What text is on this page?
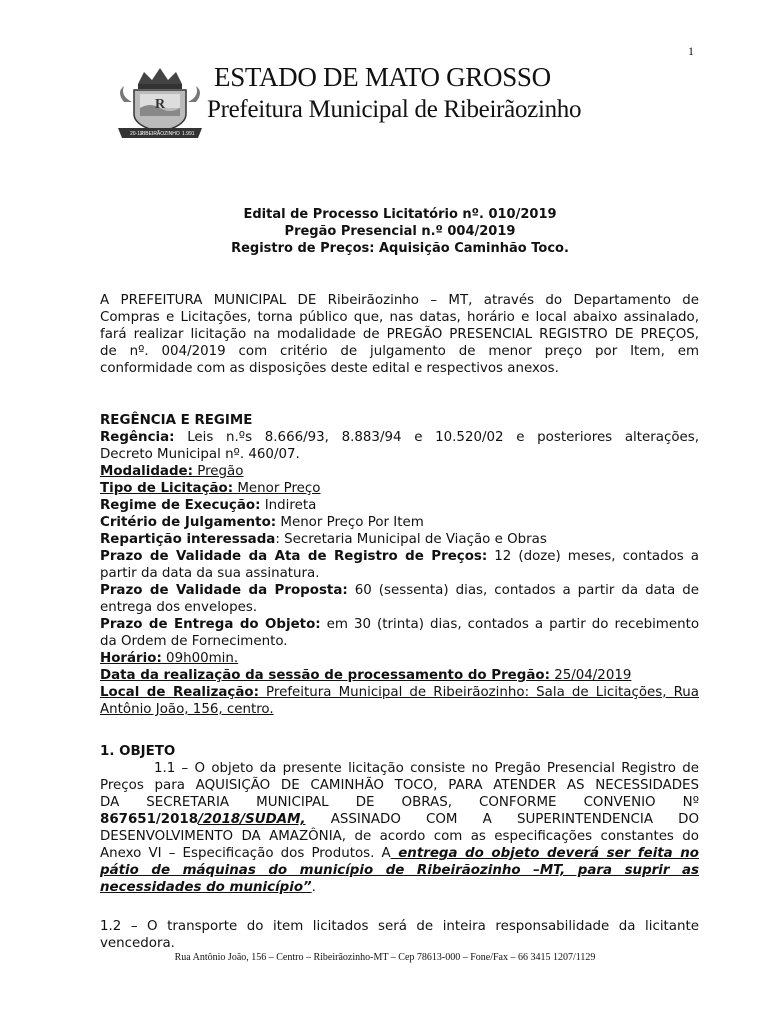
1
R
20-12
RIBEIRÃOZINHO 1.991
ESTADO DE MATO GROSSO
Prefeitura Municipal de Ribeirãozinho
Edital de Processo Licitatório nº. 010/2019
Pregão Presencial n.º 004/2019
Registro de Preços: Aquisição Caminhão Toco.
A PREFEITURA MUNICIPAL DE Ribeirãozinho – MT, através do Departamento de
Compras e Licitações, torna público que, nas datas, horário e local abaixo assinalado,
fará realizar licitação na modalidade de PREGÃO PRESENCIAL REGISTRO DE PREÇOS,
de nº. 004/2019 com critério de julgamento de menor preço por Item, em
conformidade com as disposições deste edital e respectivos anexos.
REGÊNCIA E REGIME
Regência: Leis n.ºs 8.666/93, 8.883/94 e 10.520/02 e posteriores alterações,
Decreto Municipal nº. 460/07.
Modalidade: Pregão
Tipo de Licitação: Menor Preço
Regime de Execução: Indireta
Critério de Julgamento: Menor Preço Por Item
Repartição interessada: Secretaria Municipal de Viação e Obras
Prazo de Validade da Ata de Registro de Preços: 12 (doze) meses, contados a
partir da data da sua assinatura.
Prazo de Validade da Proposta: 60 (sessenta) dias, contados a partir da data de
entrega dos envelopes.
Prazo de Entrega do Objeto: em 30 (trinta) dias, contados a partir do recebimento
da Ordem de Fornecimento.
Horário: 09h00min.
Data da realização da sessão de processamento do Pregão: 25/04/2019
Local de Realização: Prefeitura Municipal de Ribeirãozinho: Sala de Licitações, Rua
Antônio João, 156, centro.
1. OBJETO
1.1 – O objeto da presente licitação consiste no Pregão Presencial Registro de
Preços para AQUISIÇÃO DE CAMINHÃO TOCO, PARA ATENDER AS NECESSIDADES
DA SECRETARIA MUNICIPAL DE OBRAS, CONFORME CONVENIO Nº
867651/2018/2018/SUDAM, ASSINADO COM A SUPERINTENDENCIA DO
DESENVOLVIMENTO DA AMAZÔNIA, de acordo com as especificações constantes do
Anexo VI – Especificação dos Produtos. A entrega do objeto deverá ser feita no
pátio de máquinas do município de Ribeirãozinho –MT, para suprir as
necessidades do município”.
1.2 – O transporte do item licitados será de inteira responsabilidade da licitante
vencedora.
Rua Antônio João, 156 – Centro – Ribeirãozinho-MT – Cep 78613-000 – Fone/Fax – 66 3415 1207/1129
